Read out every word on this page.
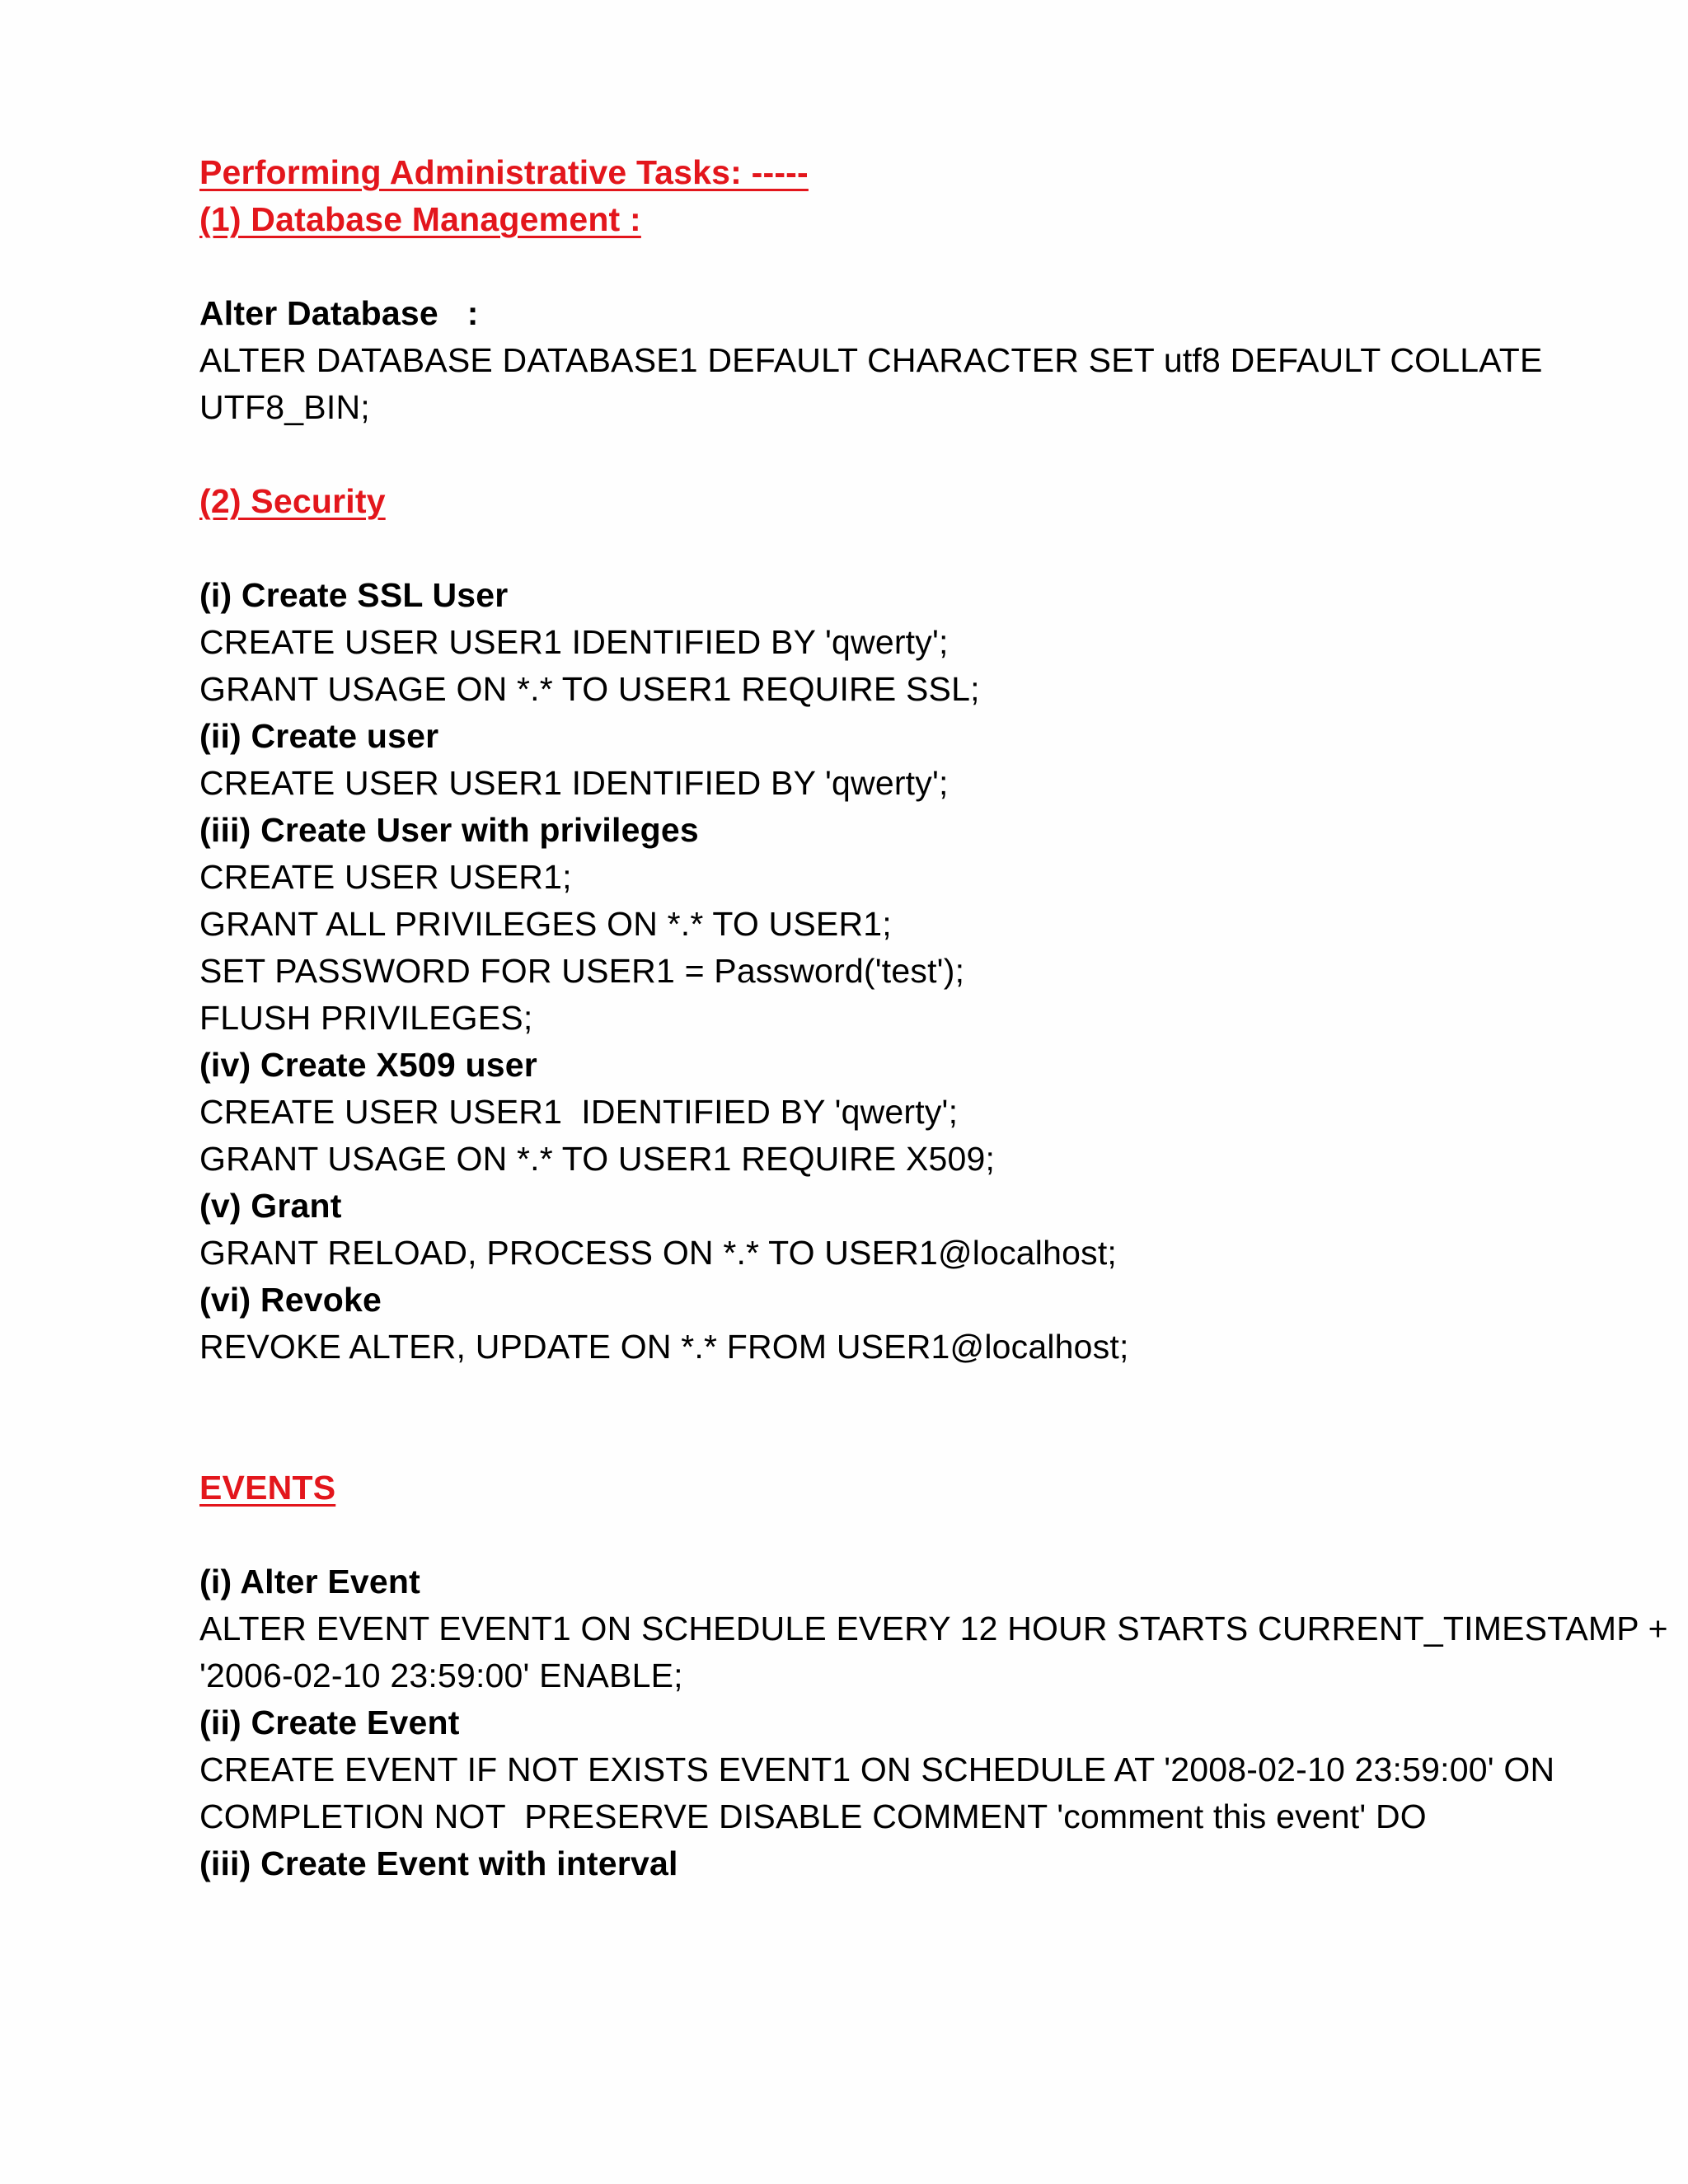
Performing Administrative Tasks: -----
(1) Database Management :
Alter Database   :
ALTER DATABASE DATABASE1 DEFAULT CHARACTER SET utf8 DEFAULT COLLATE
UTF8_BIN;
(2) Security
(i) Create SSL User
CREATE USER USER1 IDENTIFIED BY 'qwerty';
GRANT USAGE ON *.* TO USER1 REQUIRE SSL;
(ii) Create user
CREATE USER USER1 IDENTIFIED BY 'qwerty';
(iii) Create User with privileges
CREATE USER USER1;
GRANT ALL PRIVILEGES ON *.* TO USER1;
SET PASSWORD FOR USER1 = Password('test');
FLUSH PRIVILEGES;
(iv) Create X509 user
CREATE USER USER1  IDENTIFIED BY 'qwerty';
GRANT USAGE ON *.* TO USER1 REQUIRE X509;
(v) Grant
GRANT RELOAD, PROCESS ON *.* TO USER1@localhost;
(vi) Revoke
REVOKE ALTER, UPDATE ON *.* FROM USER1@localhost;
EVENTS
(i) Alter Event
ALTER EVENT EVENT1 ON SCHEDULE EVERY 12 HOUR STARTS CURRENT_TIMESTAMP +
'2006-02-10 23:59:00' ENABLE;
(ii) Create Event
CREATE EVENT IF NOT EXISTS EVENT1 ON SCHEDULE AT '2008-02-10 23:59:00' ON
COMPLETION NOT  PRESERVE DISABLE COMMENT 'comment this event' DO
(iii) Create Event with interval
